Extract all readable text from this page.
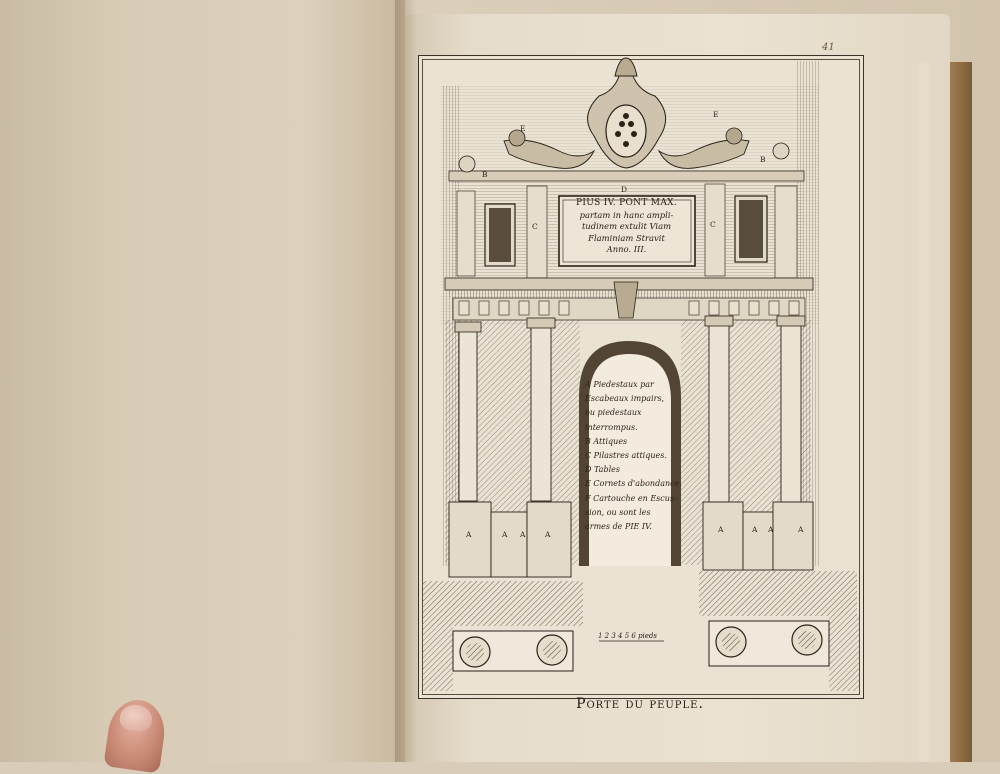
41
PIUS IV. PONT MAX.
partam in hanc ampli-
tudinem extulit Viam
Flaminiam Stravit
Anno. III.
A Piedestaux par
Escabeaux impairs,
ou piedestaux
interrompus.
B Attiques
C Pilastres attiques.
D Tables
E Cornets d'abondance.
F Cartouche en Escus-
sion, ou sont les
armes de PIE IV.
B
B
C	C
D
E
E
A	A A	A
A	A A	A
1 2 3 4 5 6 pieds
Porte du peuple.
